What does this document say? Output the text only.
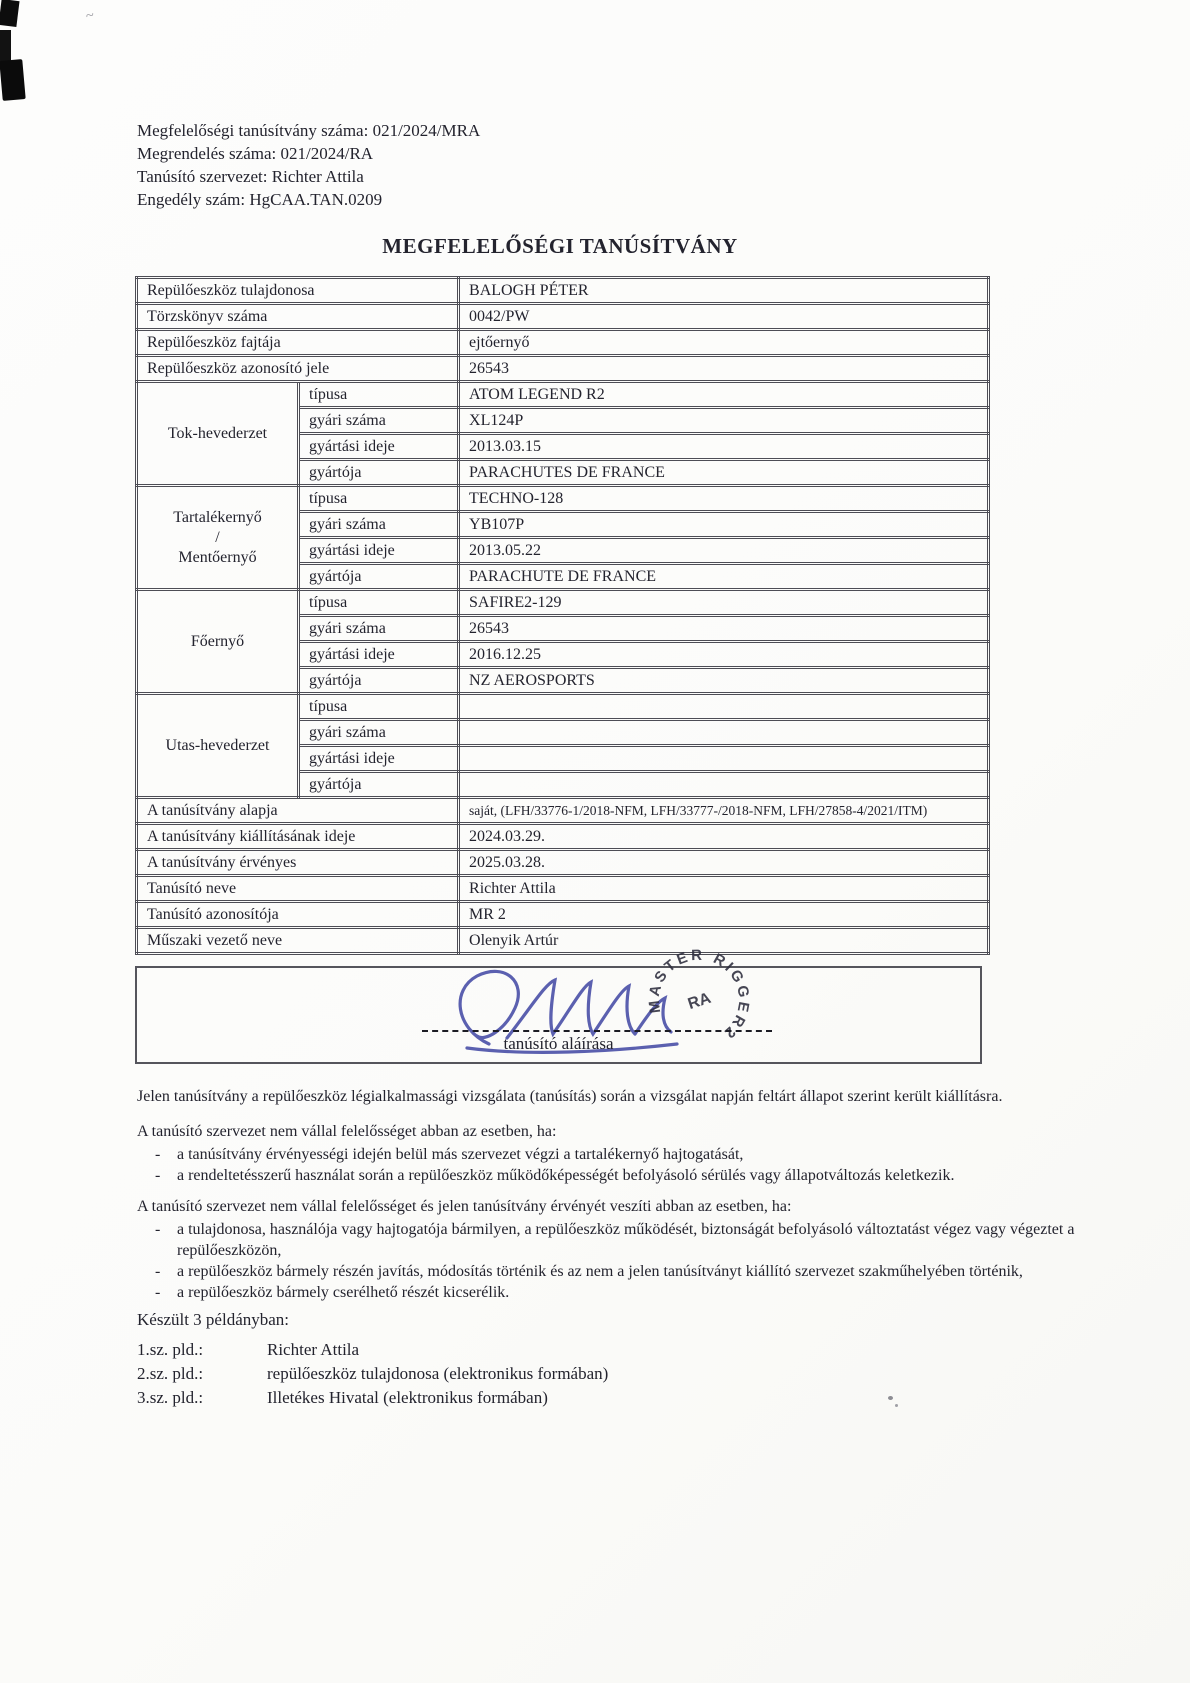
~
Megfelelőségi tanúsítvány száma: 021/2024/MRA
Megrendelés száma: 021/2024/RA
Tanúsító szervezet: Richter Attila
Engedély szám: HgCAA.TAN.0209
MEGFELELŐSÉGI TANÚSÍTVÁNY
Repülőeszköz tulajdonosa		BALOGH PÉTER
Törzskönyv száma		0042/PW
Repülőeszköz fajtája		ejtőernyő
Repülőeszköz azonosító jele		26543

Tok-hevederzet	típusa	ATOM LEGEND R2
	gyári száma	XL124P
	gyártási ideje	2013.03.15
	gyártója	PARACHUTES DE FRANCE

Tartalékernyő
/
Mentőernyő	típusa	TECHNO-128
	gyári száma	YB107P
	gyártási ideje	2013.05.22
	gyártója	PARACHUTE DE FRANCE

Főernyő	típusa	SAFIRE2-129
	gyári száma	26543
	gyártási ideje	2016.12.25
	gyártója	NZ AEROSPORTS

Utas-hevederzet	típusa	
	gyári száma	
	gyártási ideje	
	gyártója	
A tanúsítvány alapja		saját, (LFH/33776-1/2018-NFM, LFH/33777-/2018-NFM, LFH/27858-4/2021/ITM)
A tanúsítvány kiállításának ideje		2024.03.29.
A tanúsítvány érvényes		2025.03.28.
Tanúsító neve		Richter Attila
Tanúsító azonosítója		MR 2
Műszaki vezető neve		Olenyik Artúr
MASTER RIGGER2
RA
tanúsító aláírása
Jelen tanúsítvány a repülőeszköz légialkalmassági vizsgálata (tanúsítás) során a vizsgálat napján feltárt állapot szerint került kiállításra.
A tanúsító szervezet nem vállal felelősséget abban az esetben, ha:
- a tanúsítvány érvényességi idején belül más szervezet végzi a tartalékernyő hajtogatását,
- a rendeltetésszerű használat során a repülőeszköz működőképességét befolyásoló sérülés vagy állapotváltozás keletkezik.
A tanúsító szervezet nem vállal felelősséget és jelen tanúsítvány érvényét veszíti abban az esetben, ha:
- a tulajdonosa, használója vagy hajtogatója bármilyen, a repülőeszköz működését, biztonságát befolyásoló változtatást végez vagy végeztet a repülőeszközön,
- a repülőeszköz bármely részén javítás, módosítás történik és az nem a jelen tanúsítványt kiállító szervezet szakműhelyében történik,
- a repülőeszköz bármely cserélhető részét kicserélik.
Készült 3 példányban:
1.sz. pld.:	Richter Attila
2.sz. pld.:	repülőeszköz tulajdonosa (elektronikus formában)
3.sz. pld.:	Illetékes Hivatal (elektronikus formában)
